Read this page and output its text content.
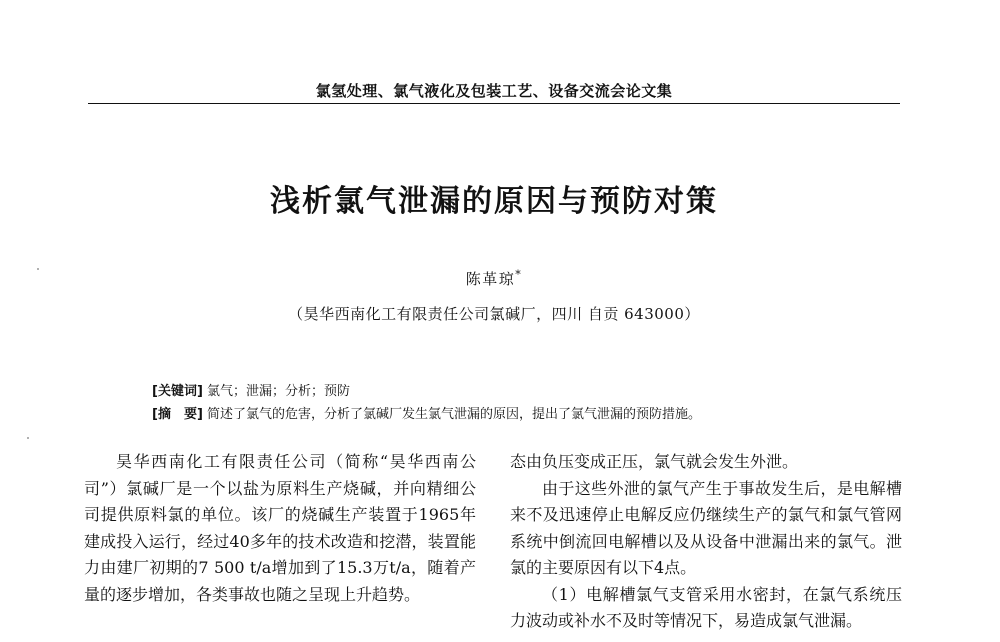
氯氢处理、氯气液化及包装工艺、设备交流会论文集
浅析氯气泄漏的原因与预防对策
陈革琼*
（昊华西南化工有限责任公司氯碱厂，四川 自贡 643000）
[关键词] 氯气；泄漏；分析；预防
[摘　要] 简述了氯气的危害，分析了氯碱厂发生氯气泄漏的原因，提出了氯气泄漏的预防措施。

昊华西南化工有限责任公司（简称“昊华西南公司”）氯碱厂是一个以盐为原料生产烧碱，并向精细公司提供原料氯的单位。该厂的烧碱生产装置于1965年建成投入运行，经过40多年的技术改造和挖潜，装置能力由建厂初期的7 500 t/a增加到了15.3万t/a，随着产量的逐步增加，各类事故也随之呈现上升趋势。

态由负压变成正压，氯气就会发生外泄。

由于这些外泄的氯气产生于事故发生后，是电解槽来不及迅速停止电解反应仍继续生产的氯气和氯气管网系统中倒流回电解槽以及从设备中泄漏出来的氯气。泄氯的主要原因有以下4点。

（1）电解槽氯气支管采用水密封，在氯气系统压力波动或补水不及时等情况下，易造成氯气泄漏。
